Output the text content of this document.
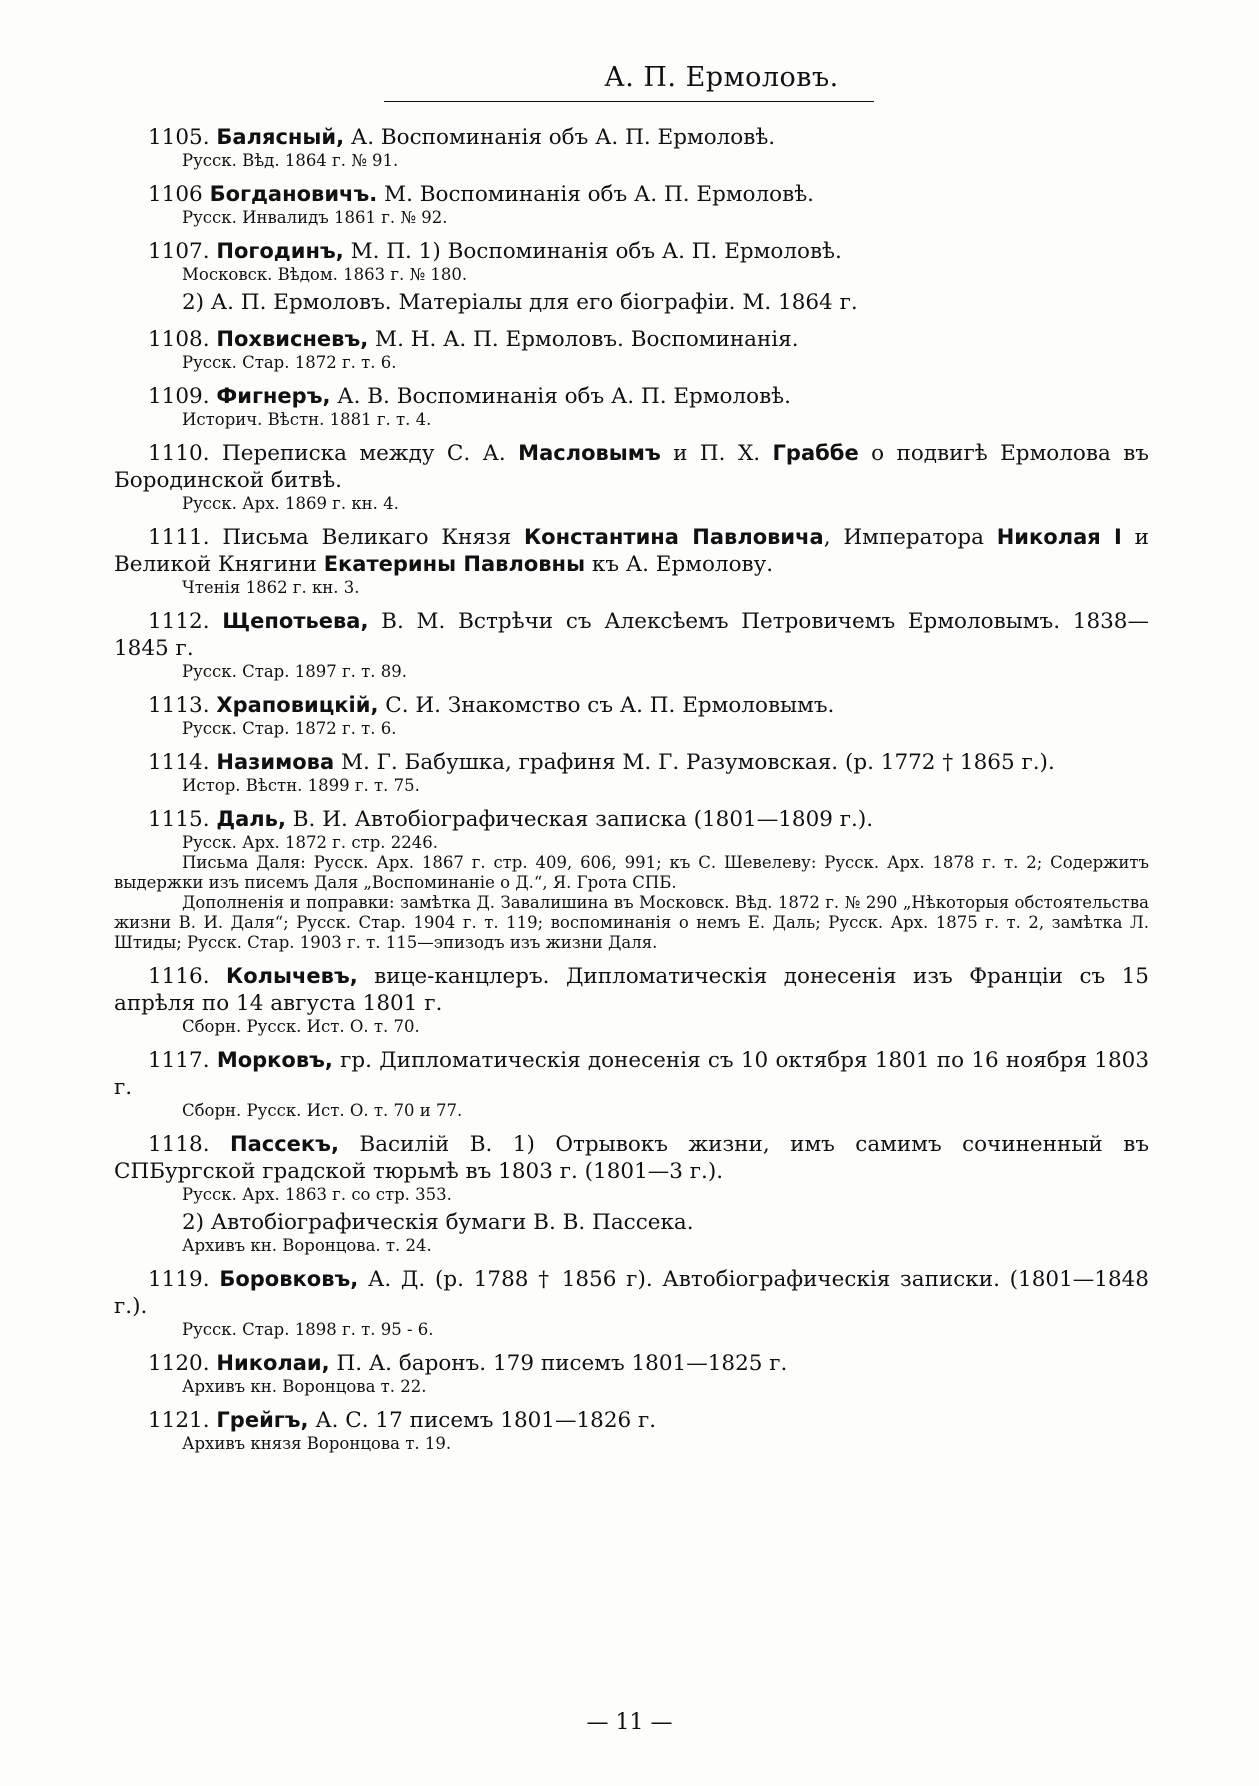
А. П. Ермоловъ.
1105. Балясный, А. Воспоминанія объ А. П. Ермоловѣ.
Русск. Вѣд. 1864 г. № 91.
1106 Богдановичъ. М. Воспоминанія объ А. П. Ермоловѣ.
Русск. Инвалидъ 1861 г. № 92.
1107. Погодинъ, М. П. 1) Воспоминанія объ А. П. Ермоловѣ.
Московск. Вѣдом. 1863 г. № 180.
2) А. П. Ермоловъ. Матеріалы для его біографіи. М. 1864 г.
1108. Похвисневъ, М. Н. А. П. Ермоловъ. Воспоминанія.
Русск. Стар. 1872 г. т. 6.
1109. Фигнеръ, А. В. Воспоминанія объ А. П. Ермоловѣ.
Историч. Вѣстн. 1881 г. т. 4.
1110. Переписка между С. А. Масловымъ и П. Х. Граббе о подвигѣ Ермолова въ Бородинской битвѣ.
Русск. Арх. 1869 г. кн. 4.
1111. Письма Великаго Князя Константина Павловича, Императора Николая I и Великой Княгини Екатерины Павловны къ А. Ермолову.
Чтенія 1862 г. кн. 3.
1112. Щепотьева, В. М. Встрѣчи съ Алексѣемъ Петровичемъ Ермоловымъ. 1838—1845 г.
Русск. Стар. 1897 г. т. 89.
1113. Храповицкій, С. И. Знакомство съ А. П. Ермоловымъ.
Русск. Стар. 1872 г. т. 6.
1114. Назимова М. Г. Бабушка, графиня М. Г. Разумовская. (р. 1772 † 1865 г.).
Истор. Вѣстн. 1899 г. т. 75.
1115. Даль, В. И. Автобіографическая записка (1801—1809 г.).
Русск. Арх. 1872 г. стр. 2246.
Письма Даля: Русск. Арх. 1867 г. стр. 409, 606, 991; къ С. Шевелеву: Русск. Арх. 1878 г. т. 2; Содержитъ выдержки изъ писемъ Даля „Воспоминаніе о Д.“, Я. Грота СПБ.
Дополненія и поправки: замѣтка Д. Завалишина въ Московск. Вѣд. 1872 г. № 290 „Нѣкоторыя обстоятельства жизни В. И. Даля“; Русск. Стар. 1904 г. т. 119; воспоминанія о немъ Е. Даль; Русск. Арх. 1875 г. т. 2, замѣтка Л. Штиды; Русск. Стар. 1903 г. т. 115—эпизодъ изъ жизни Даля.
1116. Колычевъ, вице-канцлеръ. Дипломатическія донесенія изъ Франціи съ 15 апрѣля по 14 августа 1801 г.
Сборн. Русск. Ист. О. т. 70.
1117. Морковъ, гр. Дипломатическія донесенія съ 10 октября 1801 по 16 ноября 1803 г.
Сборн. Русск. Ист. О. т. 70 и 77.
1118. Пассекъ, Василій В. 1) Отрывокъ жизни, имъ самимъ сочиненный въ СПБургской градской тюрьмѣ въ 1803 г. (1801—3 г.).
Русск. Арх. 1863 г. со стр. 353.
2) Автобіографическія бумаги В. В. Пассека.
Архивъ кн. Воронцова. т. 24.
1119. Боровковъ, А. Д. (р. 1788 † 1856 г). Автобіографическія записки. (1801—1848 г.).
Русск. Стар. 1898 г. т. 95 - 6.
1120. Николаи, П. А. баронъ. 179 писемъ 1801—1825 г.
Архивъ кн. Воронцова т. 22.
1121. Грейгъ, А. С. 17 писемъ 1801—1826 г.
Архивъ князя Воронцова т. 19.
— 11 —
